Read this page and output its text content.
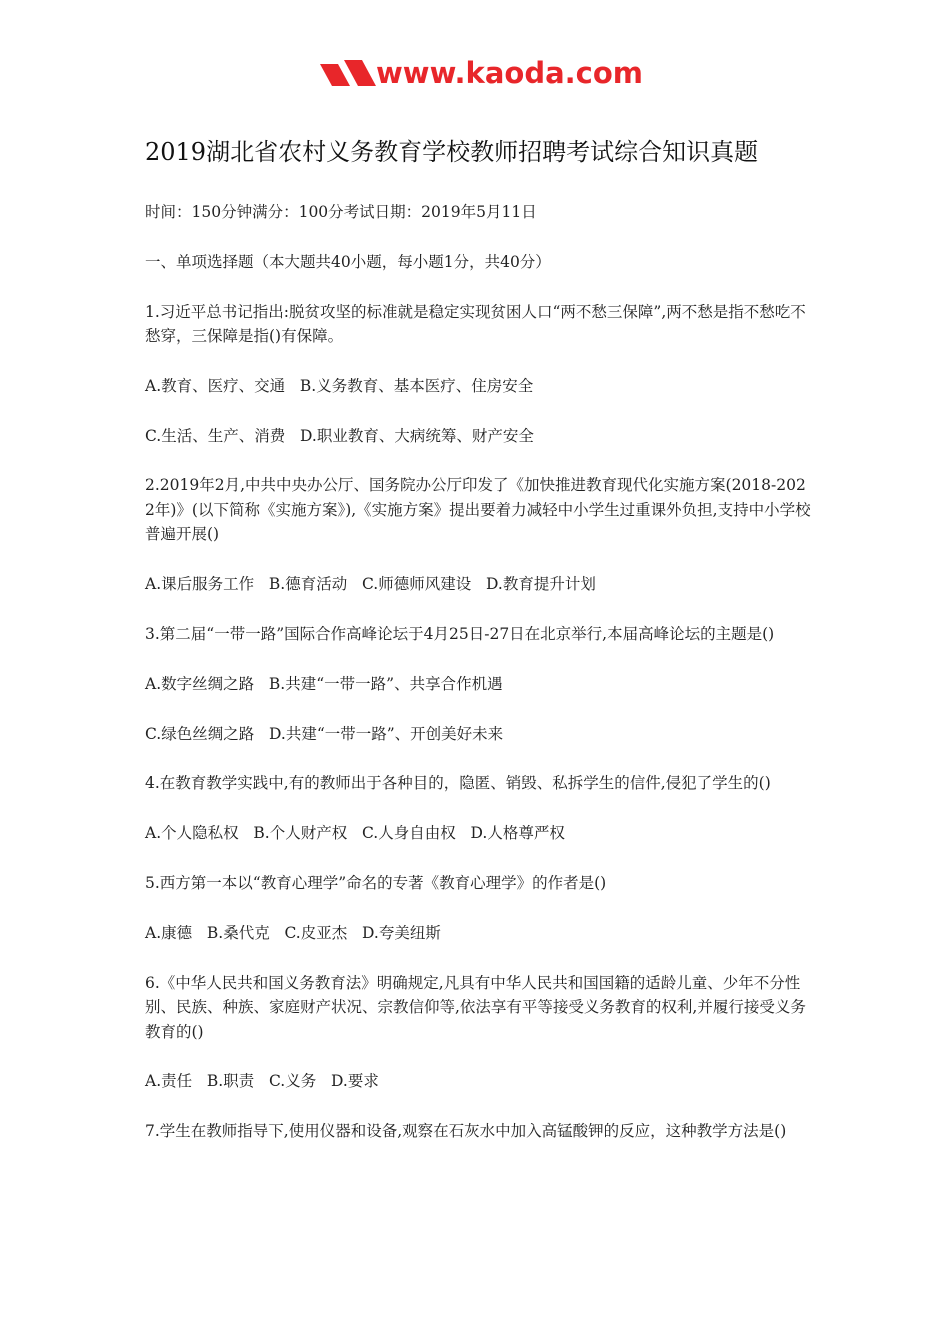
www.kaoda.com
2019湖北省农村义务教育学校教师招聘考试综合知识真题

时间：150分钟满分：100分考试日期：2019年5月11日

一、单项选择题（本大题共40小题，每小题1分，共40分）

1.习近平总书记指出:脱贫攻坚的标准就是稳定实现贫困人口“两不愁三保障”,两不愁是指不愁吃不愁穿，三保障是指()有保障。

A.教育、医疗、交通   B.义务教育、基本医疗、住房安全

C.生活、生产、消费   D.职业教育、大病统筹、财产安全

2.2019年2月,中共中央办公厅、国务院办公厅印发了《加快推进教育现代化实施方案(2018-2022年)》(以下简称《实施方案》),《实施方案》提出要着力减轻中小学生过重课外负担,支持中小学校普遍开展()

A.课后服务工作   B.德育活动   C.师德师风建设   D.教育提升计划

3.第二届“一带一路”国际合作高峰论坛于4月25日-27日在北京举行,本届高峰论坛的主题是()

A.数字丝绸之路   B.共建“一带一路”、共享合作机遇

C.绿色丝绸之路   D.共建“一带一路”、开创美好未来

4.在教育教学实践中,有的教师出于各种目的，隐匿、销毁、私拆学生的信件,侵犯了学生的()

A.个人隐私权   B.个人财产权   C.人身自由权   D.人格尊严权

5.西方第一本以“教育心理学”命名的专著《教育心理学》的作者是()

A.康德   B.桑代克   C.皮亚杰   D.夸美纽斯

6.《中华人民共和国义务教育法》明确规定,凡具有中华人民共和国国籍的适龄儿童、少年不分性别、民族、种族、家庭财产状况、宗教信仰等,依法享有平等接受义务教育的权利,并履行接受义务教育的()

A.责任   B.职责   C.义务   D.要求

7.学生在教师指导下,使用仪器和设备,观察在石灰水中加入高锰酸钾的反应，这种教学方法是()
